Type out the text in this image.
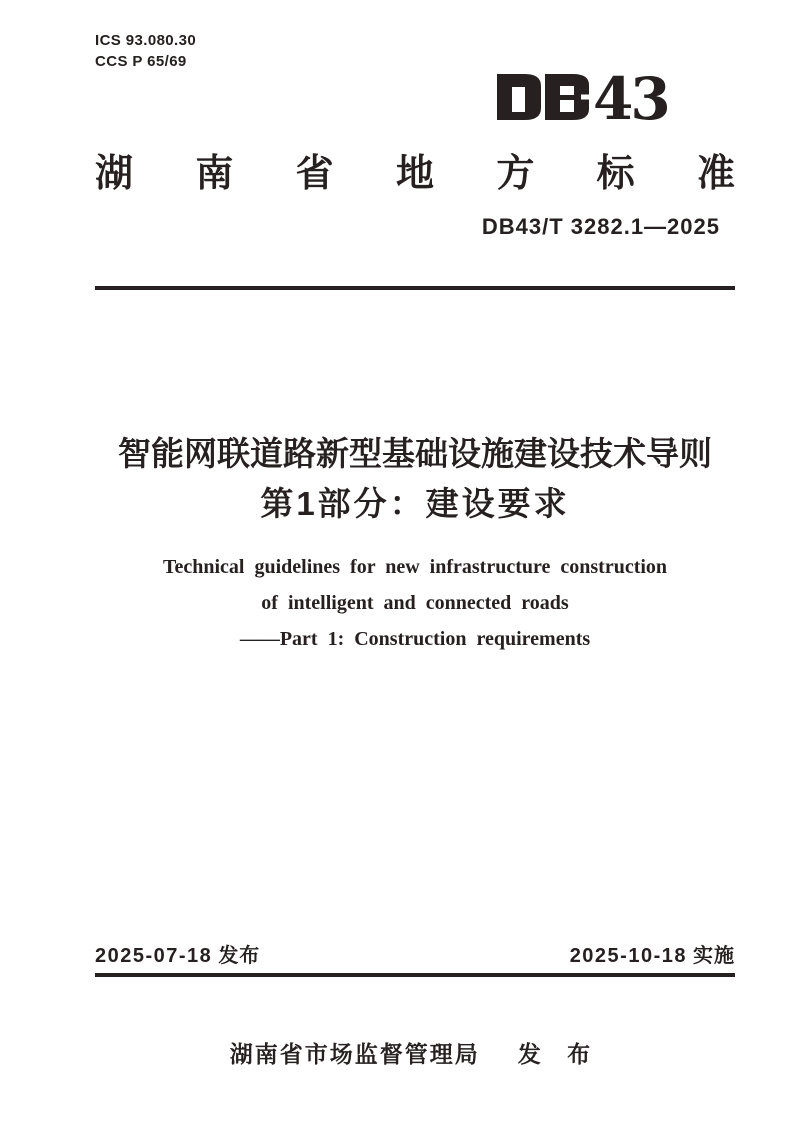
ICS 93.080.30
CCS P 65/69
43
湖 南 省 地 方 标 准
DB43/T 3282.1—2025
智能网联道路新型基础设施建设技术导则
第1部分：建设要求
Technical guidelines for new infrastructure construction
of intelligent and connected roads
——Part 1: Construction requirements
2025-07-18 发布	2025-10-18 实施
湖南省市场监督管理局 发 布
